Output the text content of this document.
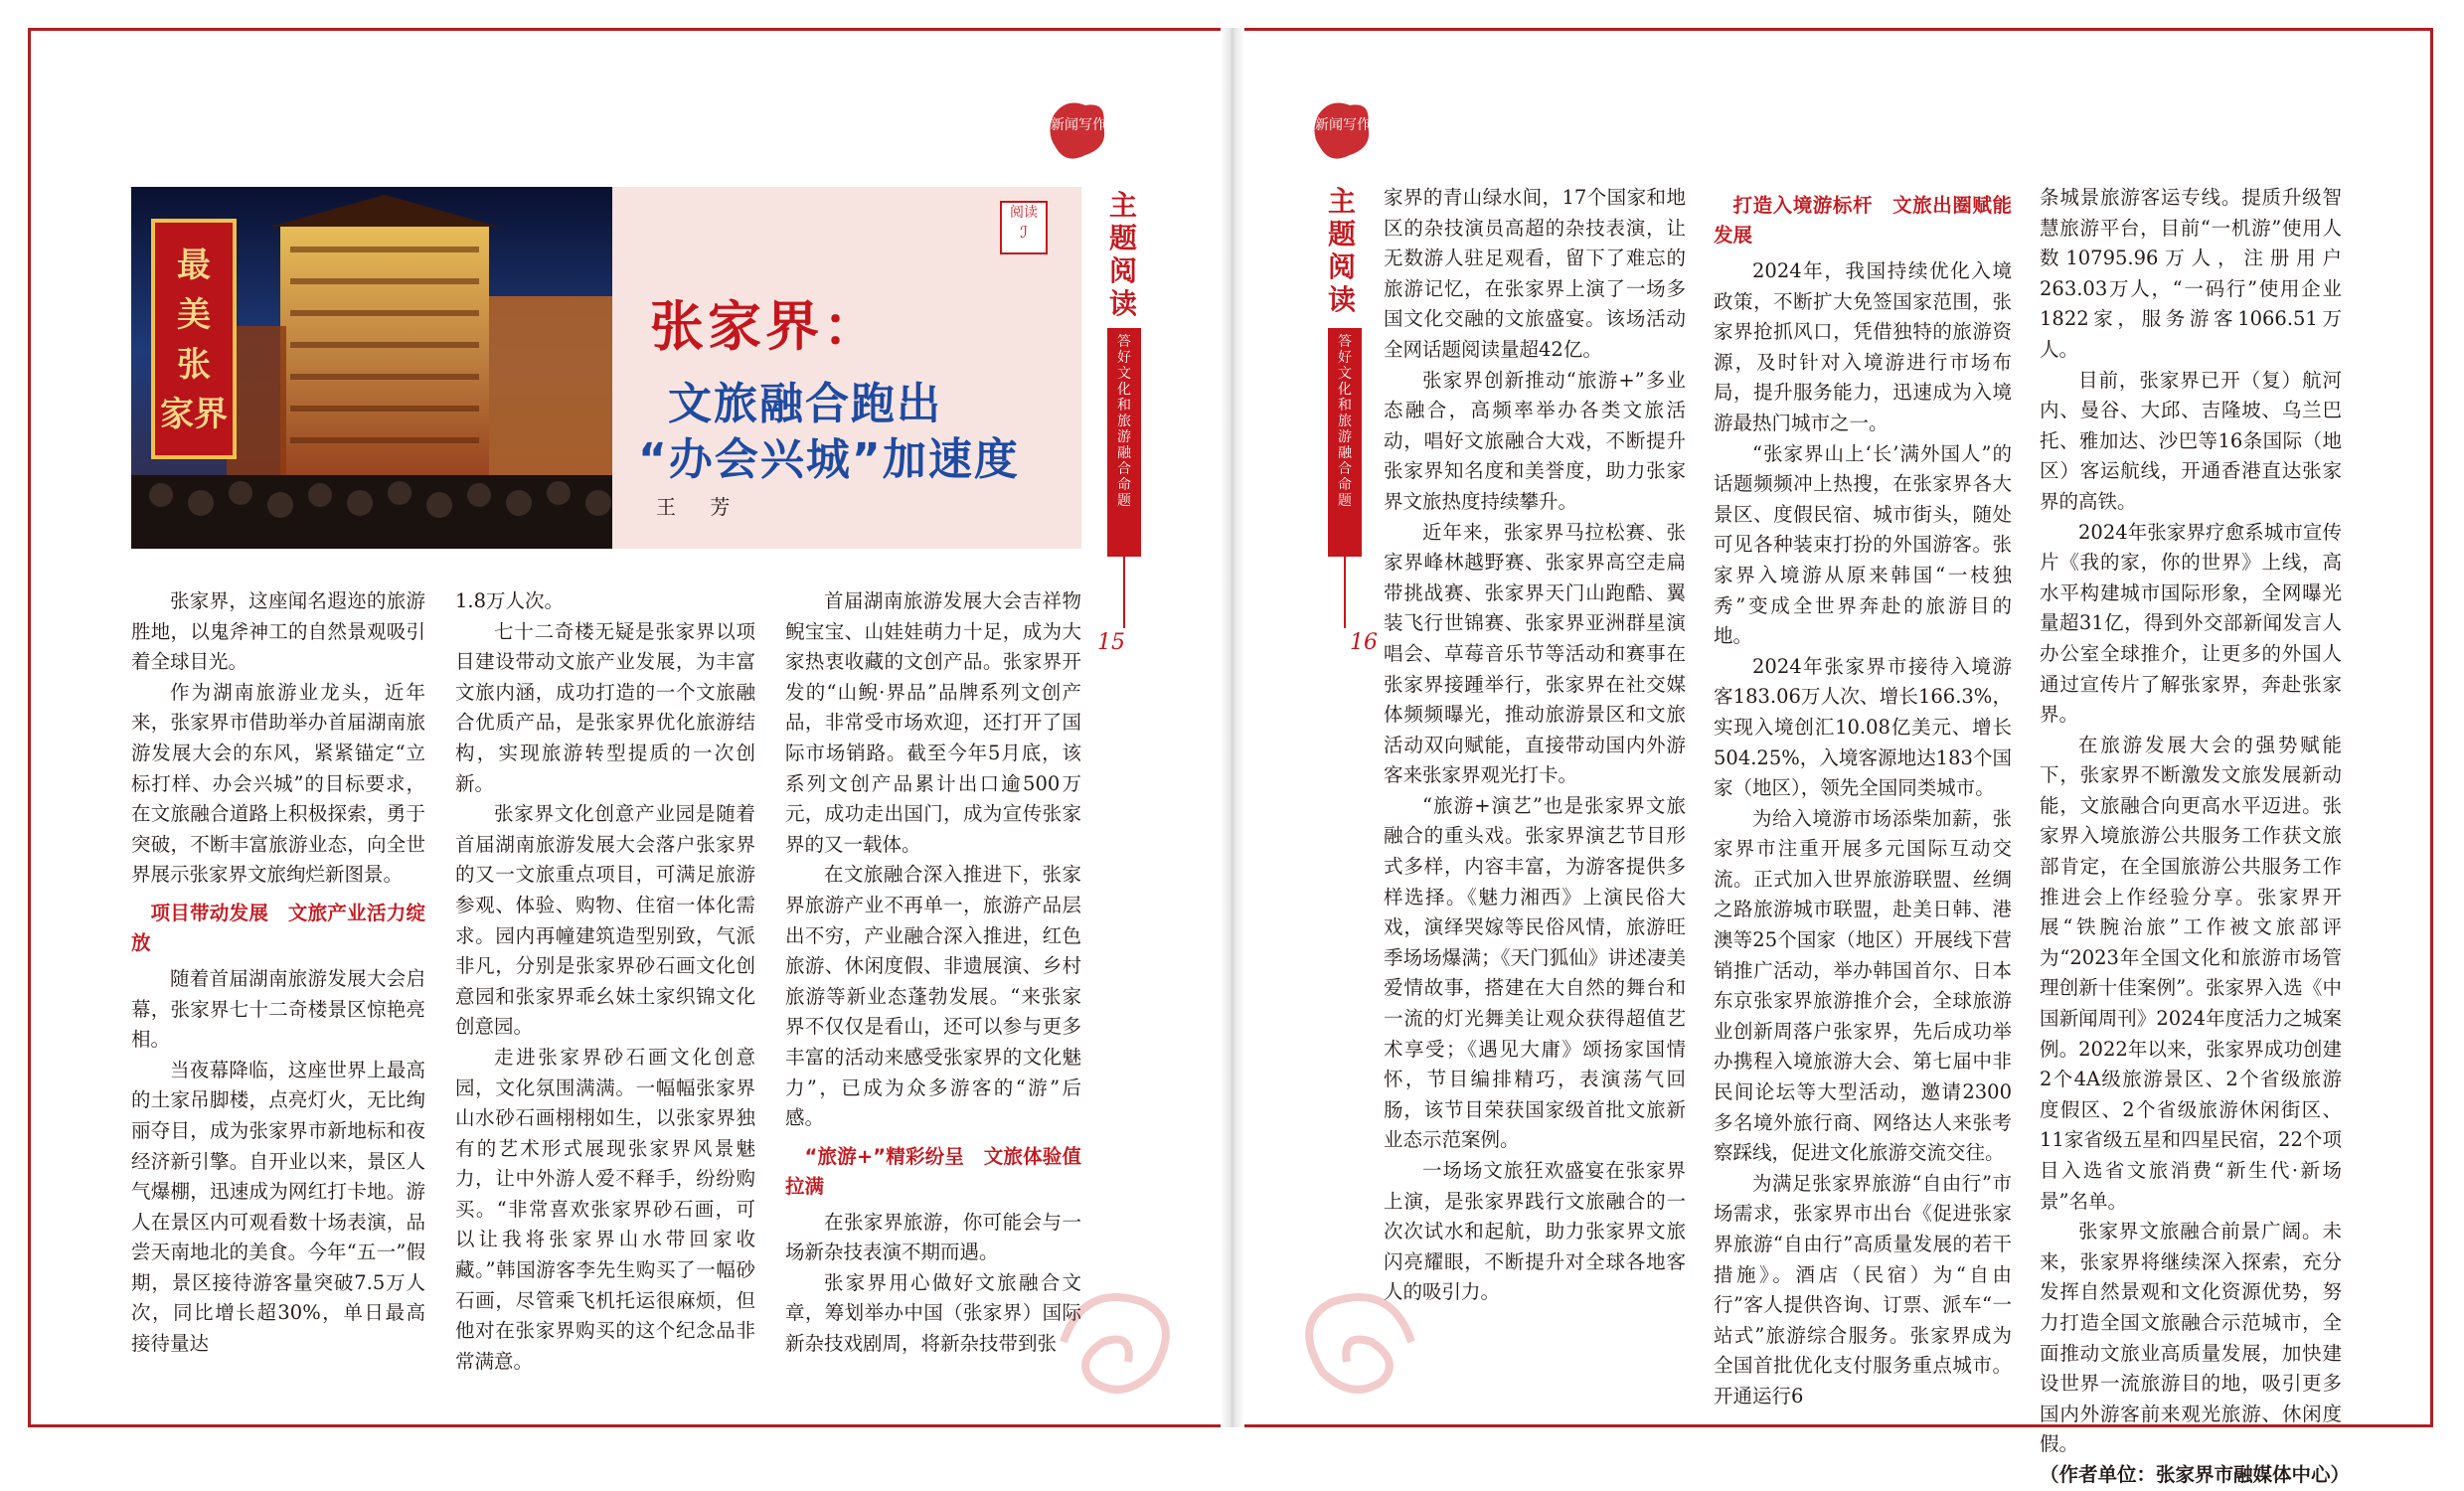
最
美
张
家界
阅读
ℐ
张家界：
文旅融合跑出
“办会兴城”加速度
王 芳
新闻写作
主
题
阅
读
答
好
文
化
和
旅
游
融
合
命
题
15
新闻写作
主题阅读
答
好
文
化
和
旅
游
融
合
命
题
16

张家界，这座闻名遐迩的旅游胜地，以鬼斧神工的自然景观吸引着全球目光。

作为湖南旅游业龙头，近年来，张家界市借助举办首届湖南旅游发展大会的东风，紧紧锚定“立标打样、办会兴城”的目标要求，在文旅融合道路上积极探索，勇于突破，不断丰富旅游业态，向全世界展示张家界文旅绚烂新图景。

项目带动发展　文旅产业活力绽放

随着首届湖南旅游发展大会启幕，张家界七十二奇楼景区惊艳亮相。

当夜幕降临，这座世界上最高的土家吊脚楼，点亮灯火，无比绚丽夺目，成为张家界市新地标和夜经济新引擎。自开业以来，景区人气爆棚，迅速成为网红打卡地。游人在景区内可观看数十场表演，品尝天南地北的美食。今年“五一”假期，景区接待游客量突破7.5万人次，同比增长超30%，单日最高接待量达

1.8万人次。

七十二奇楼无疑是张家界以项目建设带动文旅产业发展，为丰富文旅内涵，成功打造的一个文旅融合优质产品，是张家界优化旅游结构，实现旅游转型提质的一次创新。

张家界文化创意产业园是随着首届湖南旅游发展大会落户张家界的又一文旅重点项目，可满足旅游参观、体验、购物、住宿一体化需求。园内再幢建筑造型别致，气派非凡，分别是张家界砂石画文化创意园和张家界乖幺妹土家织锦文化创意园。

走进张家界砂石画文化创意园，文化氛围满满。一幅幅张家界山水砂石画栩栩如生，以张家界独有的艺术形式展现张家界风景魅力，让中外游人爱不释手，纷纷购买。“非常喜欢张家界砂石画，可以让我将张家界山水带回家收藏。”韩国游客李先生购买了一幅砂石画，尽管乘飞机托运很麻烦，但他对在张家界购买的这个纪念品非常满意。

首届湖南旅游发展大会吉祥物鲵宝宝、山娃娃萌力十足，成为大家热衷收藏的文创产品。张家界开发的“山鲵·界品”品牌系列文创产品，非常受市场欢迎，还打开了国际市场销路。截至今年5月底，该系列文创产品累计出口逾500万元，成功走出国门，成为宣传张家界的又一载体。

在文旅融合深入推进下，张家界旅游产业不再单一，旅游产品层出不穷，产业融合深入推进，红色旅游、休闲度假、非遗展演、乡村旅游等新业态蓬勃发展。“来张家界不仅仅是看山，还可以参与更多丰富的活动来感受张家界的文化魅力”，已成为众多游客的“游”后感。

“旅游+”精彩纷呈　文旅体验值拉满

在张家界旅游，你可能会与一场新杂技表演不期而遇。

张家界用心做好文旅融合文章，筹划举办中国（张家界）国际新杂技戏剧周，将新杂技带到张

家界的青山绿水间，17个国家和地区的杂技演员高超的杂技表演，让无数游人驻足观看，留下了难忘的旅游记忆，在张家界上演了一场多国文化交融的文旅盛宴。该场活动全网话题阅读量超42亿。

张家界创新推动“旅游+”多业态融合，高频率举办各类文旅活动，唱好文旅融合大戏，不断提升张家界知名度和美誉度，助力张家界文旅热度持续攀升。

近年来，张家界马拉松赛、张家界峰林越野赛、张家界高空走扁带挑战赛、张家界天门山跑酷、翼装飞行世锦赛、张家界亚洲群星演唱会、草莓音乐节等活动和赛事在张家界接踵举行，张家界在社交媒体频频曝光，推动旅游景区和文旅活动双向赋能，直接带动国内外游客来张家界观光打卡。

“旅游+演艺”也是张家界文旅融合的重头戏。张家界演艺节目形式多样，内容丰富，为游客提供多样选择。《魅力湘西》上演民俗大戏，演绎哭嫁等民俗风情，旅游旺季场场爆满；《天门狐仙》讲述凄美爱情故事，搭建在大自然的舞台和一流的灯光舞美让观众获得超值艺术享受；《遇见大庸》颂扬家国情怀，节目编排精巧，表演荡气回肠，该节目荣获国家级首批文旅新业态示范案例。

一场场文旅狂欢盛宴在张家界上演，是张家界践行文旅融合的一次次试水和起航，助力张家界文旅闪亮耀眼，不断提升对全球各地客人的吸引力。

打造入境游标杆　文旅出圈赋能发展

2024年，我国持续优化入境政策，不断扩大免签国家范围，张家界抢抓风口，凭借独特的旅游资源，及时针对入境游进行市场布局，提升服务能力，迅速成为入境游最热门城市之一。

“张家界山上‘长’满外国人”的话题频频冲上热搜，在张家界各大景区、度假民宿、城市街头，随处可见各种装束打扮的外国游客。张家界入境游从原来韩国“一枝独秀”变成全世界奔赴的旅游目的地。

2024年张家界市接待入境游客183.06万人次、增长166.3%，实现入境创汇10.08亿美元、增长504.25%，入境客源地达183个国家（地区），领先全国同类城市。

为给入境游市场添柴加薪，张家界市注重开展多元国际互动交流。正式加入世界旅游联盟、丝绸之路旅游城市联盟，赴美日韩、港澳等25个国家（地区）开展线下营销推广活动，举办韩国首尔、日本东京张家界旅游推介会，全球旅游业创新周落户张家界，先后成功举办携程入境旅游大会、第七届中非民间论坛等大型活动，邀请2300多名境外旅行商、网络达人来张考察踩线，促进文化旅游交流交往。

为满足张家界旅游“自由行”市场需求，张家界市出台《促进张家界旅游“自由行”高质量发展的若干措施》。酒店（民宿）为“自由行”客人提供咨询、订票、派车“一站式”旅游综合服务。张家界成为全国首批优化支付服务重点城市。开通运行6

条城景旅游客运专线。提质升级智慧旅游平台，目前“一机游”使用人数10795.96万人，注册用户263.03万人，“一码行”使用企业1822家，服务游客1066.51万人。

目前，张家界已开（复）航河内、曼谷、大邱、吉隆坡、乌兰巴托、雅加达、沙巴等16条国际（地区）客运航线，开通香港直达张家界的高铁。

2024年张家界疗愈系城市宣传片《我的家，你的世界》上线，高水平构建城市国际形象，全网曝光量超31亿，得到外交部新闻发言人办公室全球推介，让更多的外国人通过宣传片了解张家界，奔赴张家界。

在旅游发展大会的强势赋能下，张家界不断激发文旅发展新动能，文旅融合向更高水平迈进。张家界入境旅游公共服务工作获文旅部肯定，在全国旅游公共服务工作推进会上作经验分享。张家界开展“铁腕治旅”工作被文旅部评为“2023年全国文化和旅游市场管理创新十佳案例”。张家界入选《中国新闻周刊》2024年度活力之城案例。2022年以来，张家界成功创建2个4A级旅游景区、2个省级旅游度假区、2个省级旅游休闲街区、11家省级五星和四星民宿，22个项目入选省文旅消费“新生代·新场景”名单。

张家界文旅融合前景广阔。未来，张家界将继续深入探索，充分发挥自然景观和文化资源优势，努力打造全国文旅融合示范城市，全面推动文旅业高质量发展，加快建设世界一流旅游目的地，吸引更多国内外游客前来观光旅游、休闲度假。

（作者单位：张家界市融媒体中心）
